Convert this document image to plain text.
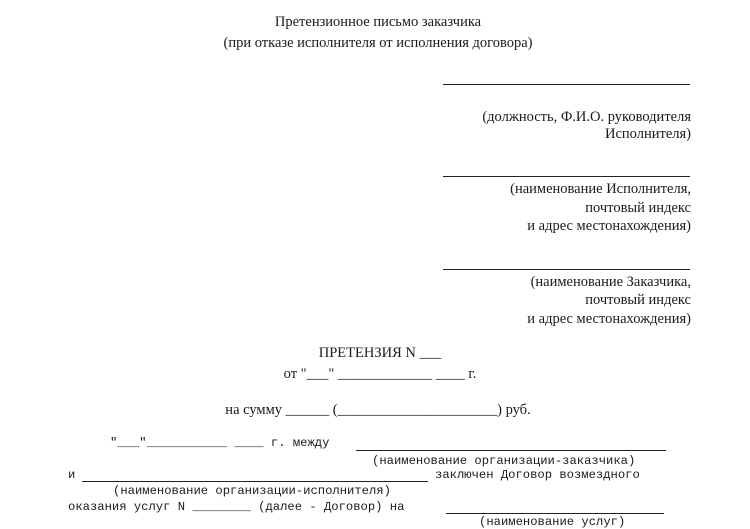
Претензионное письмо заказчика
(при отказе исполнителя от исполнения договора)
(должность, Ф.И.О. руководителя
Исполнителя)
(наименование Исполнителя,
почтовый индекс
и адрес местонахождения)
(наименование Заказчика,
почтовый индекс
и адрес местонахождения)
ПРЕТЕНЗИЯ N ___
от "___" _____________ ____ г.
на сумму ______ (______________________) руб.
"___"___________ ____ г. между
(наименование организации-заказчика)
и	заключен Договор возмездного
(наименование организации-исполнителя)
оказания услуг N ________ (далее - Договор) на
(наименование услуг)
